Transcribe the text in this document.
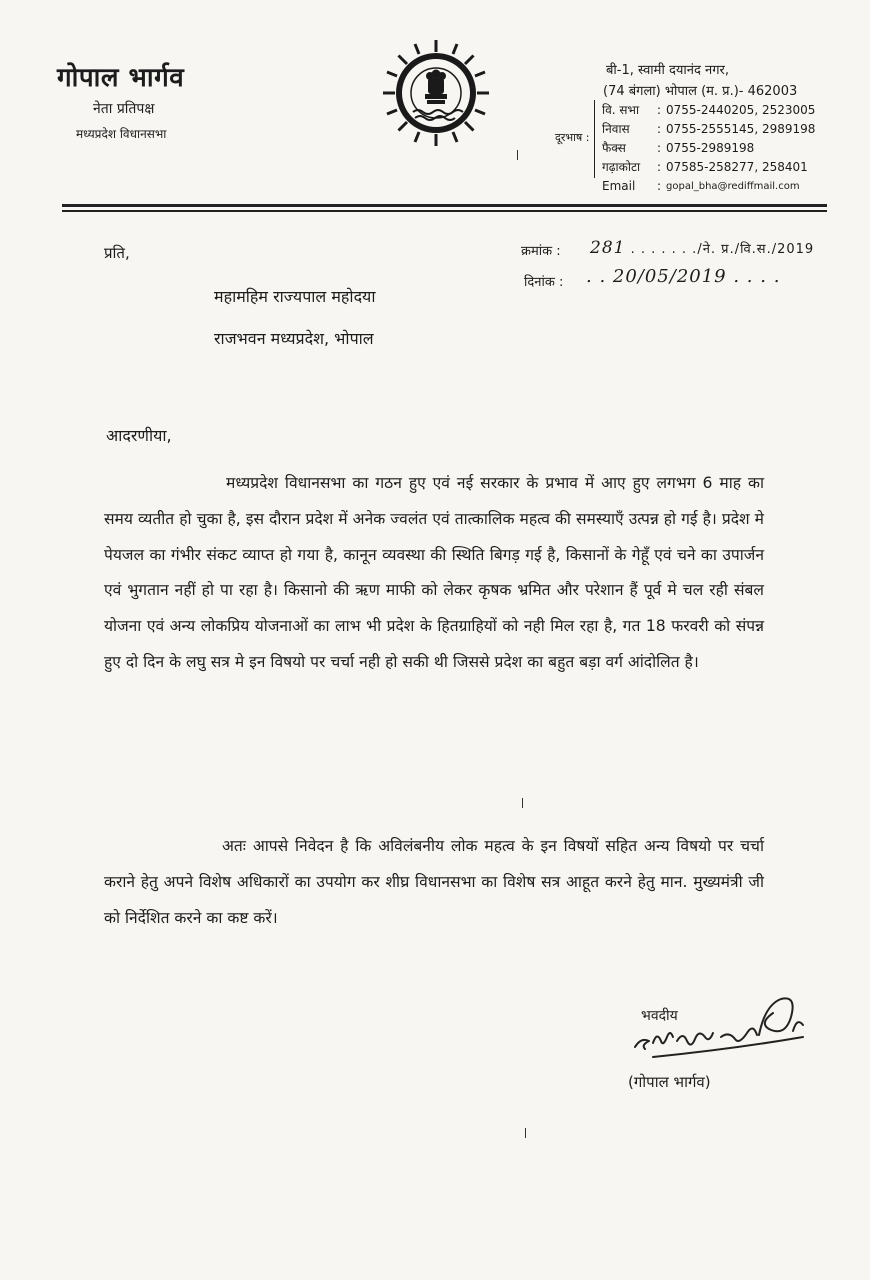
गोपाल भार्गव
नेता प्रतिपक्ष
मध्यप्रदेश विधानसभा
बी-1, स्वामी दयानंद नगर,
(74 बंगला) भोपाल (म. प्र.)- 462003
दूरभाष :
वि. सभा	:	0755-2440205, 2523005
निवास	:	0755-2555145, 2989198
फैक्स	:	0755-2989198
गढ़ाकोटा	:	07585-258277, 258401
Email	:	gopal_bha@rediffmail.com
प्रति,	क्रमांक : 281 . . . . . . ./ने. प्र./वि.स./2019
दिनांक : . . 20/05/2019 . . . .
महामहिम राज्यपाल महोदया
राजभवन मध्यप्रदेश, भोपाल
आदरणीया,
मध्यप्रदेश विधानसभा का गठन हुए एवं नई सरकार के प्रभाव में आए हुए लगभग 6 माह का समय व्यतीत हो चुका है, इस दौरान प्रदेश में अनेक ज्वलंत एवं तात्कालिक महत्व की समस्याएँ उत्पन्न हो गई है। प्रदेश मे पेयजल का गंभीर संकट व्याप्त हो गया है, कानून व्यवस्था की स्थिति बिगड़ गई है, किसानों के गेहूँ एवं चने का उपार्जन एवं भुगतान नहीं हो पा रहा है। किसानो की ऋण माफी को लेकर कृषक भ्रमित और परेशान हैं पूर्व मे चल रही संबल योजना एवं अन्य लोकप्रिय योजनाओं का लाभ भी प्रदेश के हितग्राहियों को नही मिल रहा है, गत 18 फरवरी को संपन्न हुए दो दिन के लघु सत्र मे इन विषयो पर चर्चा नही हो सकी थी जिससे प्रदेश का बहुत बड़ा वर्ग आंदोलित है।
अतः आपसे निवेदन है कि अविलंबनीय लोक महत्व के इन विषयों सहित अन्य विषयो पर चर्चा कराने हेतु अपने विशेष अधिकारों का उपयोग कर शीघ्र विधानसभा का विशेष सत्र आहूत करने हेतु मान. मुख्यमंत्री जी को निर्देशित करने का कष्ट करें।
भवदीय
(गोपाल भार्गव)
